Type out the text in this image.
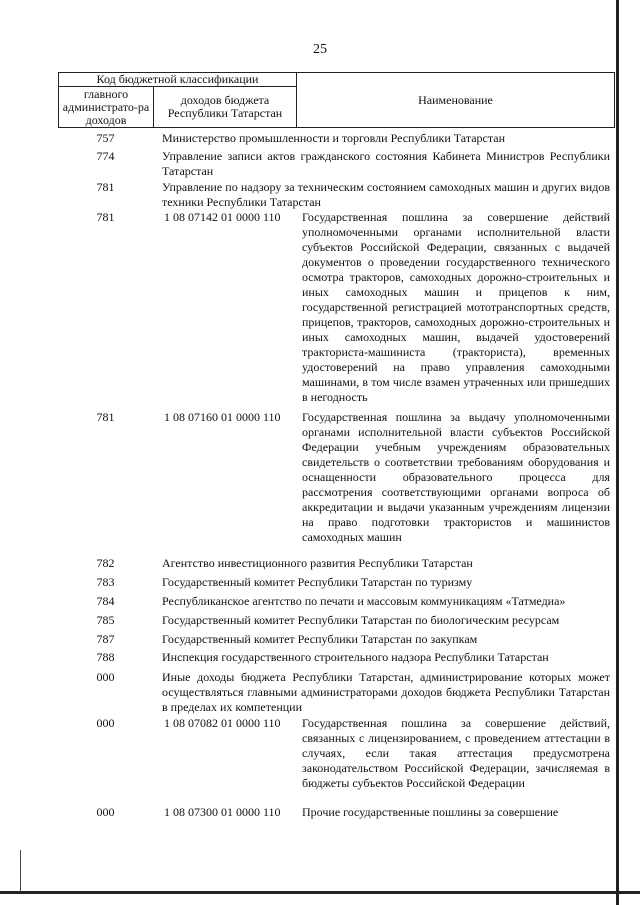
25
Код бюджетной классификации
главного администрато-ра доходов
доходов бюджета Республики Татарстан
Наименование
757	Министерство промышленности и торговли Республики Татарстан
774	Управление записи актов гражданского состояния Кабинета Министров Республики Татарстан
781	Управление по надзору за техническим состоянием самоходных машин и других видов техники Республики Татарстан
781	1 08 07142 01 0000 110	Государственная пошлина за совершение действий уполномоченными органами исполнительной власти субъектов Российской Федерации, связанных с выдачей документов о проведении государственного технического осмотра тракторов, самоходных дорожно-строительных и иных самоходных машин и прицепов к ним, государственной регистрацией мототранспортных средств, прицепов, тракторов, самоходных дорожно-строительных и иных самоходных машин, выдачей удостоверений тракториста-машиниста (тракториста), временных удостоверений на право управления самоходными машинами, в том числе взамен утраченных или пришедших в негодность
781	1 08 07160 01 0000 110	Государственная пошлина за выдачу уполномоченными органами исполнительной власти субъектов Российской Федерации учебным учреждениям образовательных свидетельств о соответствии требованиям оборудования и оснащенности образовательного процесса для рассмотрения соответствующими органами вопроса об аккредитации и выдачи указанным учреждениям лицензии на право подготовки трактористов и машинистов самоходных машин
782	Агентство инвестиционного развития Республики Татарстан
783	Государственный комитет Республики Татарстан по туризму
784	Республиканское агентство по печати и массовым коммуникациям «Татмедиа»
785	Государственный комитет Республики Татарстан по биологическим ресурсам
787	Государственный комитет Республики Татарстан по закупкам
788	Инспекция государственного строительного надзора Республики Татарстан
000	Иные доходы бюджета Республики Татарстан, администрирование которых может осуществляться главными администраторами доходов бюджета Республики Татарстан в пределах их компетенции
000	1 08 07082 01 0000 110	Государственная пошлина за совершение действий, связанных с лицензированием, с проведением аттестации в случаях, если такая аттестация предусмотрена законодательством Российской Федерации, зачисляемая в бюджеты субъектов Российской Федерации
000	1 08 07300 01 0000 110	Прочие государственные пошлины за совершение
